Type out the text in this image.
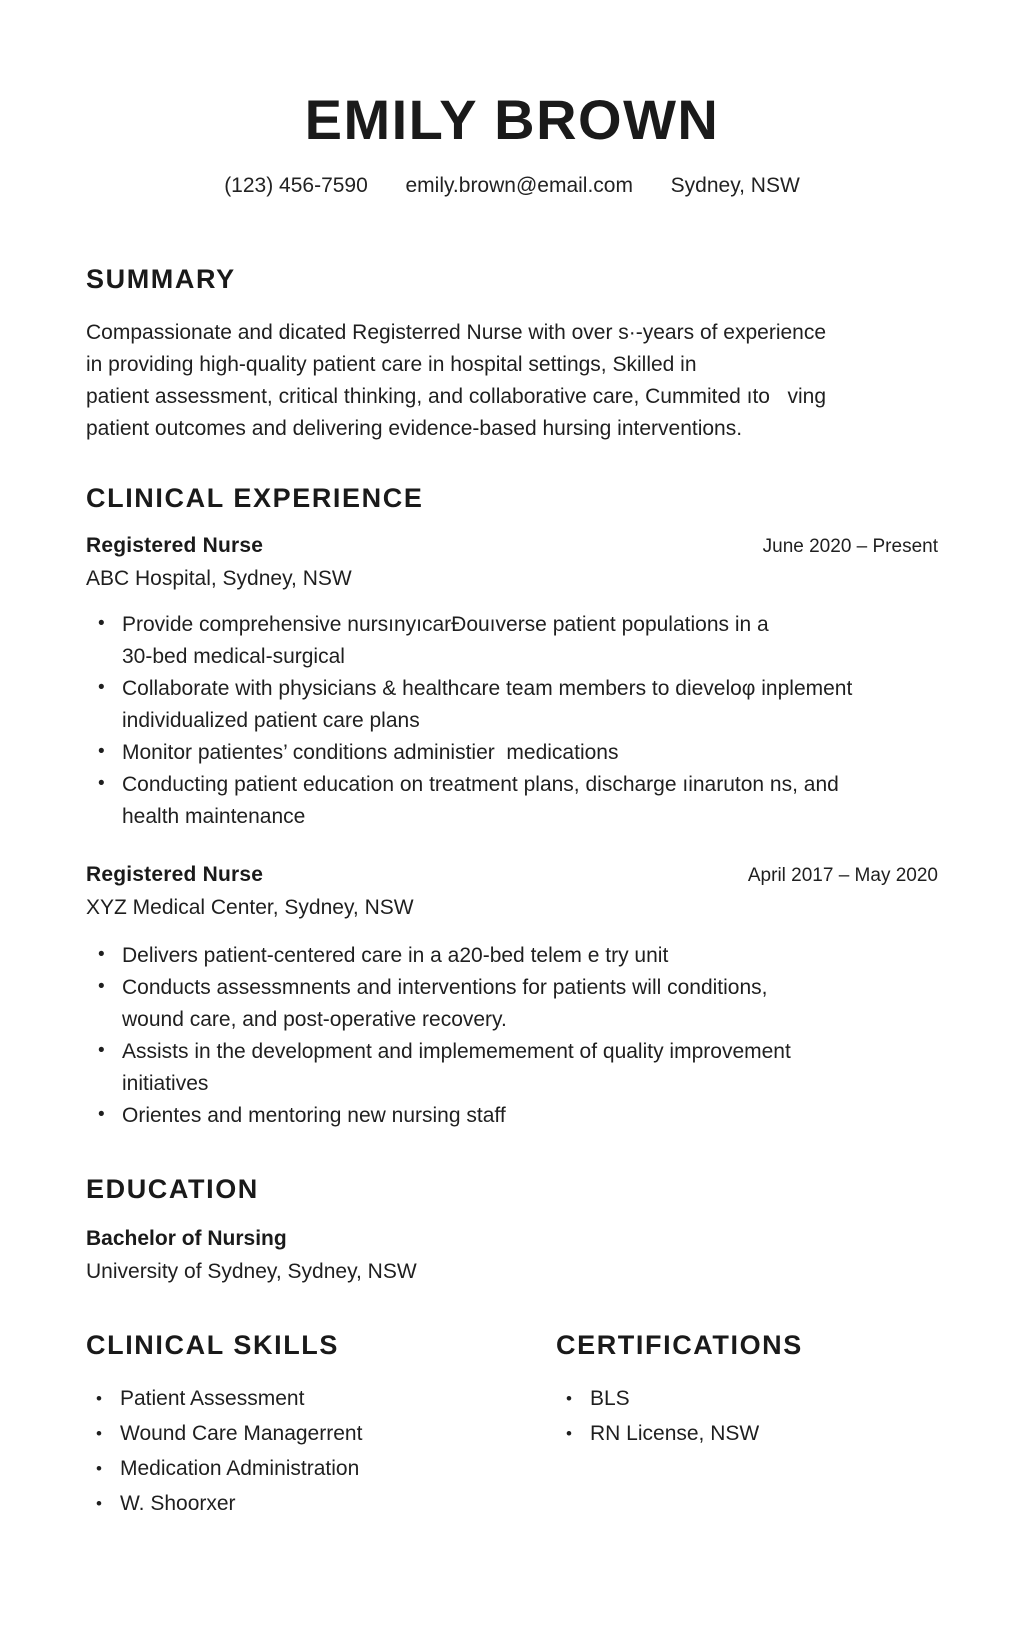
EMILY BROWN
(123) 456-7590 emily.brown@email.com Sydney, NSW
SUMMARY
Compassionate and dicated Registerred Nurse with over s·-years of experience
in providing high-quality patient care in hospital settings, Skilled in
patient assessment, critical thinking, and collaborative care, Cummited ıto   ving
patient outcomes and delivering evidence-based hursing interventions.
CLINICAL EXPERIENCE
Registered Nurse	June 2020 – Present
ABC Hospital, Sydney, NSW
• Provide comprehensive nursınyıcarÐouıverse patient populations in a
30-bed medical-surgical
• Collaborate with physicians & healthcare team members to dieveloφ inplement
individualized patient care plans
• Monitor patientes’ conditions administier  medications
• Conducting patient education on treatment plans, discharge ıinaruton ns, and
health maintenance
Registered Nurse	April 2017 – May 2020
XYZ Medical Center, Sydney, NSW
• Delivers patient-centered care in a a20-bed telem e try unit
• Conducts assessmnents and interventions for patients will conditions,
wound care, and post-operative recovery.
• Assists in the development and implememement of quality improvement
initiatives
• Orientes and mentoring new nursing staff
EDUCATION
Bachelor of Nursing
University of Sydney, Sydney, NSW
CLINICAL SKILLS
• Patient Assessment
• Wound Care Managerrent
• Medication Administration
• W. Shoorxer
CERTIFICATIONS
• BLS
• RN License, NSW
